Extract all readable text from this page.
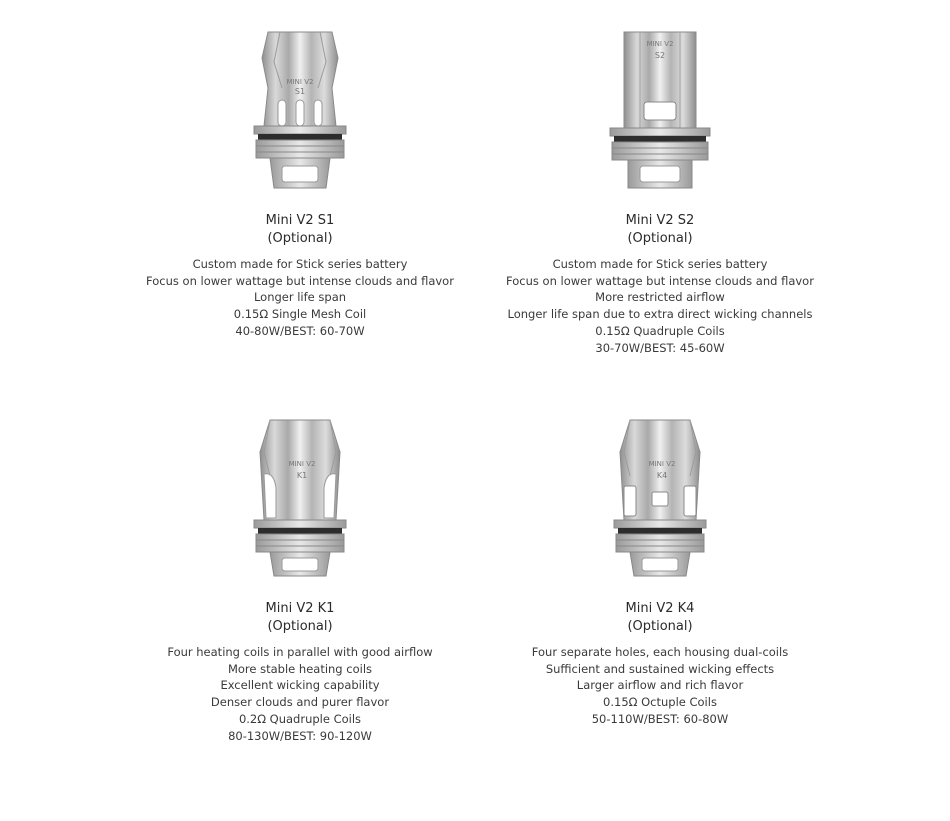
MINI V2
S1
Mini V2 S1
(Optional)
Custom made for Stick series battery
Focus on lower wattage but intense clouds and flavor
Longer life span
0.15Ω Single Mesh Coil
40-80W/BEST: 60-70W
MINI V2
S2
Mini V2 S2
(Optional)
Custom made for Stick series battery
Focus on lower wattage but intense clouds and flavor
More restricted airflow
Longer life span due to extra direct wicking channels
0.15Ω Quadruple Coils
30-70W/BEST: 45-60W
MINI V2
K1
Mini V2 K1
(Optional)
Four heating coils in parallel with good airflow
More stable heating coils
Excellent wicking capability
Denser clouds and purer flavor
0.2Ω Quadruple Coils
80-130W/BEST: 90-120W
MINI V2
K4
Mini V2 K4
(Optional)
Four separate holes, each housing dual-coils
Sufficient and sustained wicking effects
Larger airflow and rich flavor
0.15Ω Octuple Coils
50-110W/BEST: 60-80W
